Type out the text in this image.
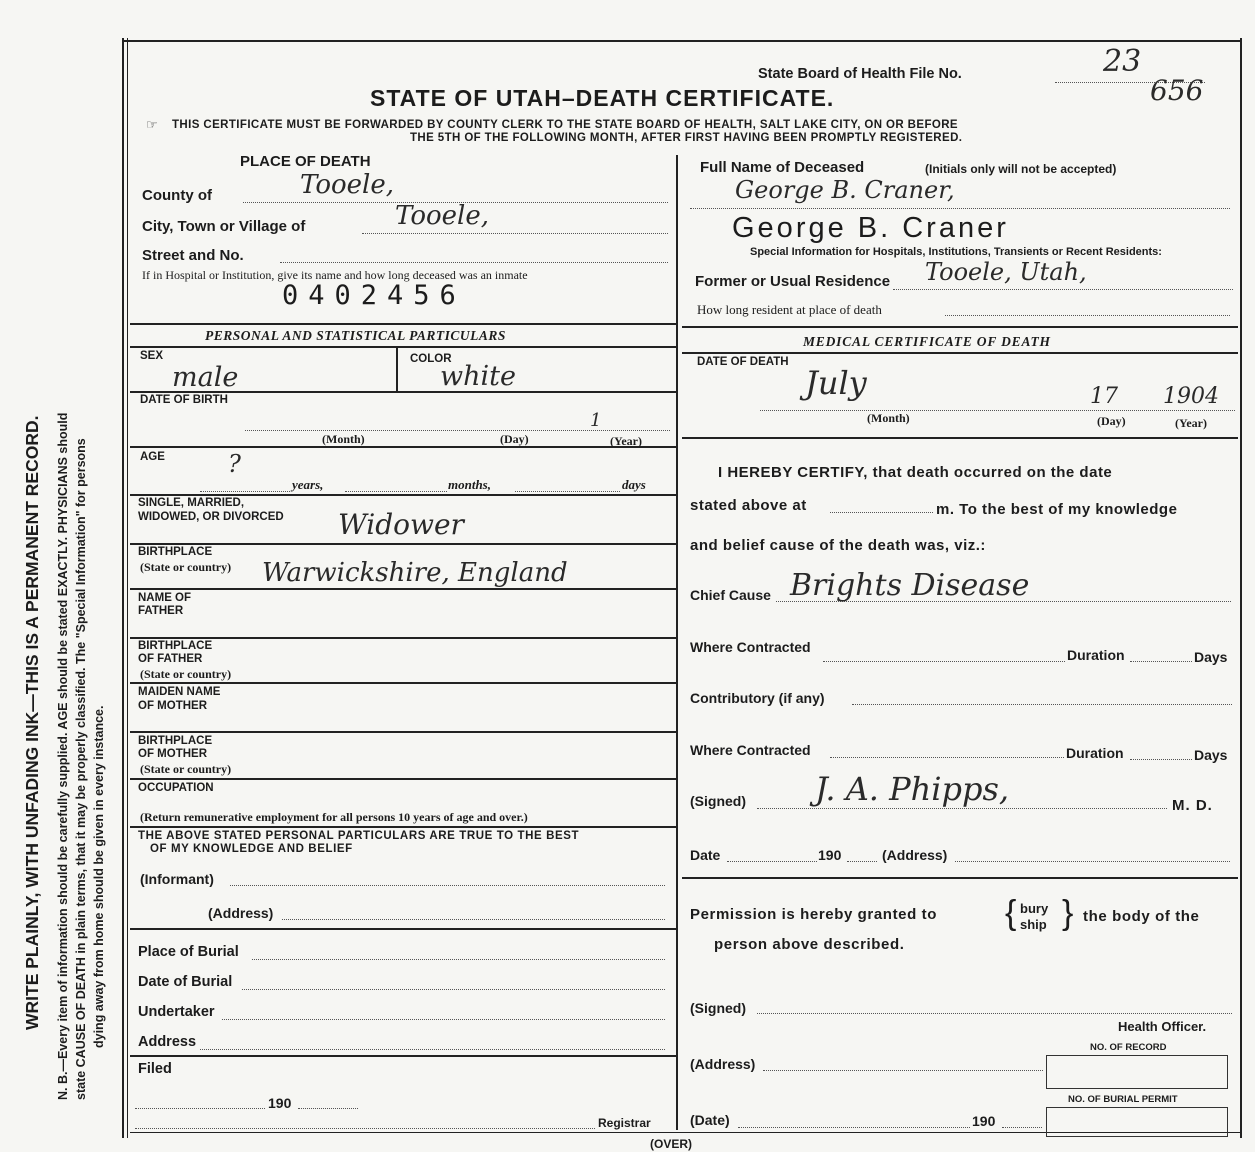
WRITE PLAINLY, WITH UNFADING INK—THIS IS A PERMANENT RECORD. N. B.—Every item of information should be carefully supplied. AGE should be stated EXACTLY. PHYSICIANS should state CAUSE OF DEATH in plain terms, that it may be properly classified. The "Special Information" for persons dying away from home should be given in every instance.
State Board of Health File No.	23
656
STATE OF UTAH–DEATH CERTIFICATE.
☞ THIS CERTIFICATE MUST BE FORWARDED BY COUNTY CLERK TO THE STATE BOARD OF HEALTH, SALT LAKE CITY, ON OR BEFORE
THE 5TH OF THE FOLLOWING MONTH, AFTER FIRST HAVING BEEN PROMPTLY REGISTERED.
PLACE OF DEATH
County of	Tooele,
City, Town or Village of	Tooele,
Street and No.
If in Hospital or Institution, give its name and how long deceased was an inmate
0402456
Full Name of Deceased	(Initials only will not be accepted)
George B. Craner,
George B. Craner
Special Information for Hospitals, Institutions, Transients or Recent Residents:
Former or Usual Residence Tooele, Utah,
How long resident at place of death
PERSONAL AND STATISTICAL PARTICULARS
SEX
male
COLOR
white
DATE OF BIRTH
1
(Month)	(Day)	(Year)
AGE	?
years,	months,	days
SINGLE, MARRIED,
WIDOWED, OR DIVORCED Widower
BIRTHPLACE
(State or country) Warwickshire, England
NAME OF
FATHER
BIRTHPLACE
OF FATHER
(State or country)
MAIDEN NAME
OF MOTHER
BIRTHPLACE
OF MOTHER
(State or country)
OCCUPATION
(Return remunerative employment for all persons 10 years of age and over.)
THE ABOVE STATED PERSONAL PARTICULARS ARE TRUE TO THE BEST
OF MY KNOWLEDGE AND BELIEF
(Informant)
(Address)
Place of Burial
Date of Burial
Undertaker
Address
Filed
190
Registrar
(OVER)
MEDICAL CERTIFICATE OF DEATH
DATE OF DEATH
July	17 1904
(Month)	(Day)	(Year)
I HEREBY CERTIFY, that death occurred on the date
stated above at	m. To the best of my knowledge
and belief cause of the death was, viz.:
Chief Cause Brights Disease
Where Contracted	Duration	Days
Contributory (if any)
Where Contracted	Duration	Days
(Signed) J. A. Phipps,	M. D.
Date	190	(Address)
Permission is hereby granted to { bury
ship } the body of the
person above described.
(Signed)
Health Officer.
NO. OF RECORD
(Address)
NO. OF BURIAL PERMIT
(Date)	190
